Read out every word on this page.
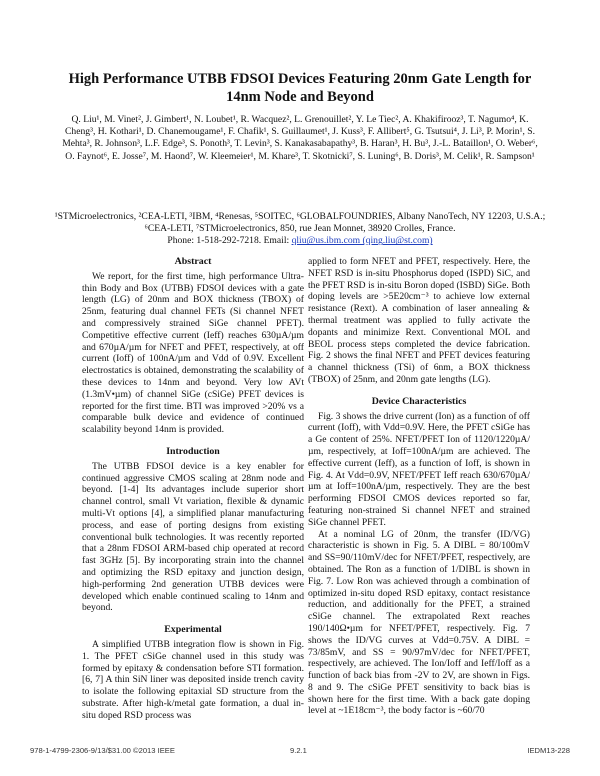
High Performance UTBB FDSOI Devices Featuring 20nm Gate Length for 14nm Node and Beyond

Q. Liu¹, M. Vinet², J. Gimbert¹, N. Loubet¹, R. Wacquez², L. Grenouillet², Y. Le Tiec², A. Khakifirooz³, T. Nagumo⁴, K. Cheng³, H. Kothari¹, D. Chanemougame¹, F. Chafik¹, S. Guillaumet¹, J. Kuss³, F. Allibert⁵, G. Tsutsui⁴, J. Li³, P. Morin¹, S. Mehta³, R. Johnson³, L.F. Edge³, S. Ponoth³, T. Levin³, S. Kanakasabapathy³, B. Haran³, H. Bu³, J.-L. Bataillon¹, O. Weber⁶, O. Faynot⁶, E. Josse⁷, M. Haond⁷, W. Kleemeier¹, M. Khare³, T. Skotnicki⁷, S. Luning⁶, B. Doris³, M. Celik¹, R. Sampson¹

¹STMicroelectronics, ²CEA-LETI, ³IBM, ⁴Renesas, ⁵SOITEC, ⁶GLOBALFOUNDRIES, Albany NanoTech, NY 12203, U.S.A.; ⁶CEA-LETI, ⁷STMicroelectronics, 850, rue Jean Monnet, 38920 Crolles, France.
Phone: 1-518-292-7218. Email: qliu@us.ibm.com (qing.liu@st.com)

Abstract

We report, for the first time, high performance Ultra-thin Body and Box (UTBB) FDSOI devices with a gate length (LG) of 20nm and BOX thickness (TBOX) of 25nm, featuring dual channel FETs (Si channel NFET and compressively strained SiGe channel PFET). Competitive effective current (Ieff) reaches 630µA/µm and 670µA/µm for NFET and PFET, respectively, at off current (Ioff) of 100nA/µm and Vdd of 0.9V. Excellent electrostatics is obtained, demonstrating the scalability of these devices to 14nm and beyond. Very low AVt (1.3mV•µm) of channel SiGe (cSiGe) PFET devices is reported for the first time. BTI was improved >20% vs a comparable bulk device and evidence of continued scalability beyond 14nm is provided.

Introduction

The UTBB FDSOI device is a key enabler for continued aggressive CMOS scaling at 28nm node and beyond. [1-4] Its advantages include superior short channel control, small Vt variation, flexible & dynamic multi-Vt options [4], a simplified planar manufacturing process, and ease of porting designs from existing conventional bulk technologies. It was recently reported that a 28nm FDSOI ARM-based chip operated at record fast 3GHz [5]. By incorporating strain into the channel and optimizing the RSD epitaxy and junction design, high-performing 2nd generation UTBB devices were developed which enable continued scaling to 14nm and beyond.

Experimental

A simplified UTBB integration flow is shown in Fig. 1. The PFET cSiGe channel used in this study was formed by epitaxy & condensation before STI formation. [6, 7] A thin SiN liner was deposited inside trench cavity to isolate the following epitaxial SD structure from the substrate. After high-k/metal gate formation, a dual in-situ doped RSD process was

applied to form NFET and PFET, respectively. Here, the NFET RSD is in-situ Phosphorus doped (ISPD) SiC, and the PFET RSD is in-situ Boron doped (ISBD) SiGe. Both doping levels are >5E20cm⁻³ to achieve low external resistance (Rext). A combination of laser annealing & thermal treatment was applied to fully activate the dopants and minimize Rext. Conventional MOL and BEOL process steps completed the device fabrication. Fig. 2 shows the final NFET and PFET devices featuring a channel thickness (TSi) of 6nm, a BOX thickness (TBOX) of 25nm, and 20nm gate lengths (LG).

Device Characteristics

Fig. 3 shows the drive current (Ion) as a function of off current (Ioff), with Vdd=0.9V. Here, the PFET cSiGe has a Ge content of 25%. NFET/PFET Ion of 1120/1220µA/µm, respectively, at Ioff=100nA/µm are achieved. The effective current (Ieff), as a function of Ioff, is shown in Fig. 4. At Vdd=0.9V, NFET/PFET Ieff reach 630/670µA/µm at Ioff=100nA/µm, respectively. They are the best performing FDSOI CMOS devices reported so far, featuring non-strained Si channel NFET and strained SiGe channel PFET.

At a nominal LG of 20nm, the transfer (ID/VG) characteristic is shown in Fig. 5. A DIBL = 80/100mV and SS=90/110mV/dec for NFET/PFET, respectively, are obtained. The Ron as a function of 1/DIBL is shown in Fig. 7. Low Ron was achieved through a combination of optimized in-situ doped RSD epitaxy, contact resistance reduction, and additionally for the PFET, a strained cSiGe channel. The extrapolated Rext reaches 190/140Ω•µm for NFET/PFET, respectively. Fig. 7 shows the ID/VG curves at Vdd=0.75V. A DIBL = 73/85mV, and SS = 90/97mV/dec for NFET/PFET, respectively, are achieved. The Ion/Ioff and Ieff/Ioff as a function of back bias from -2V to 2V, are shown in Figs. 8 and 9. The cSiGe PFET sensitivity to back bias is shown here for the first time. With a back gate doping level at ~1E18cm⁻³, the body factor is ~60/70

978-1-4799-2306-9/13/$31.00 ©2013 IEEE	9.2.1	IEDM13-228
